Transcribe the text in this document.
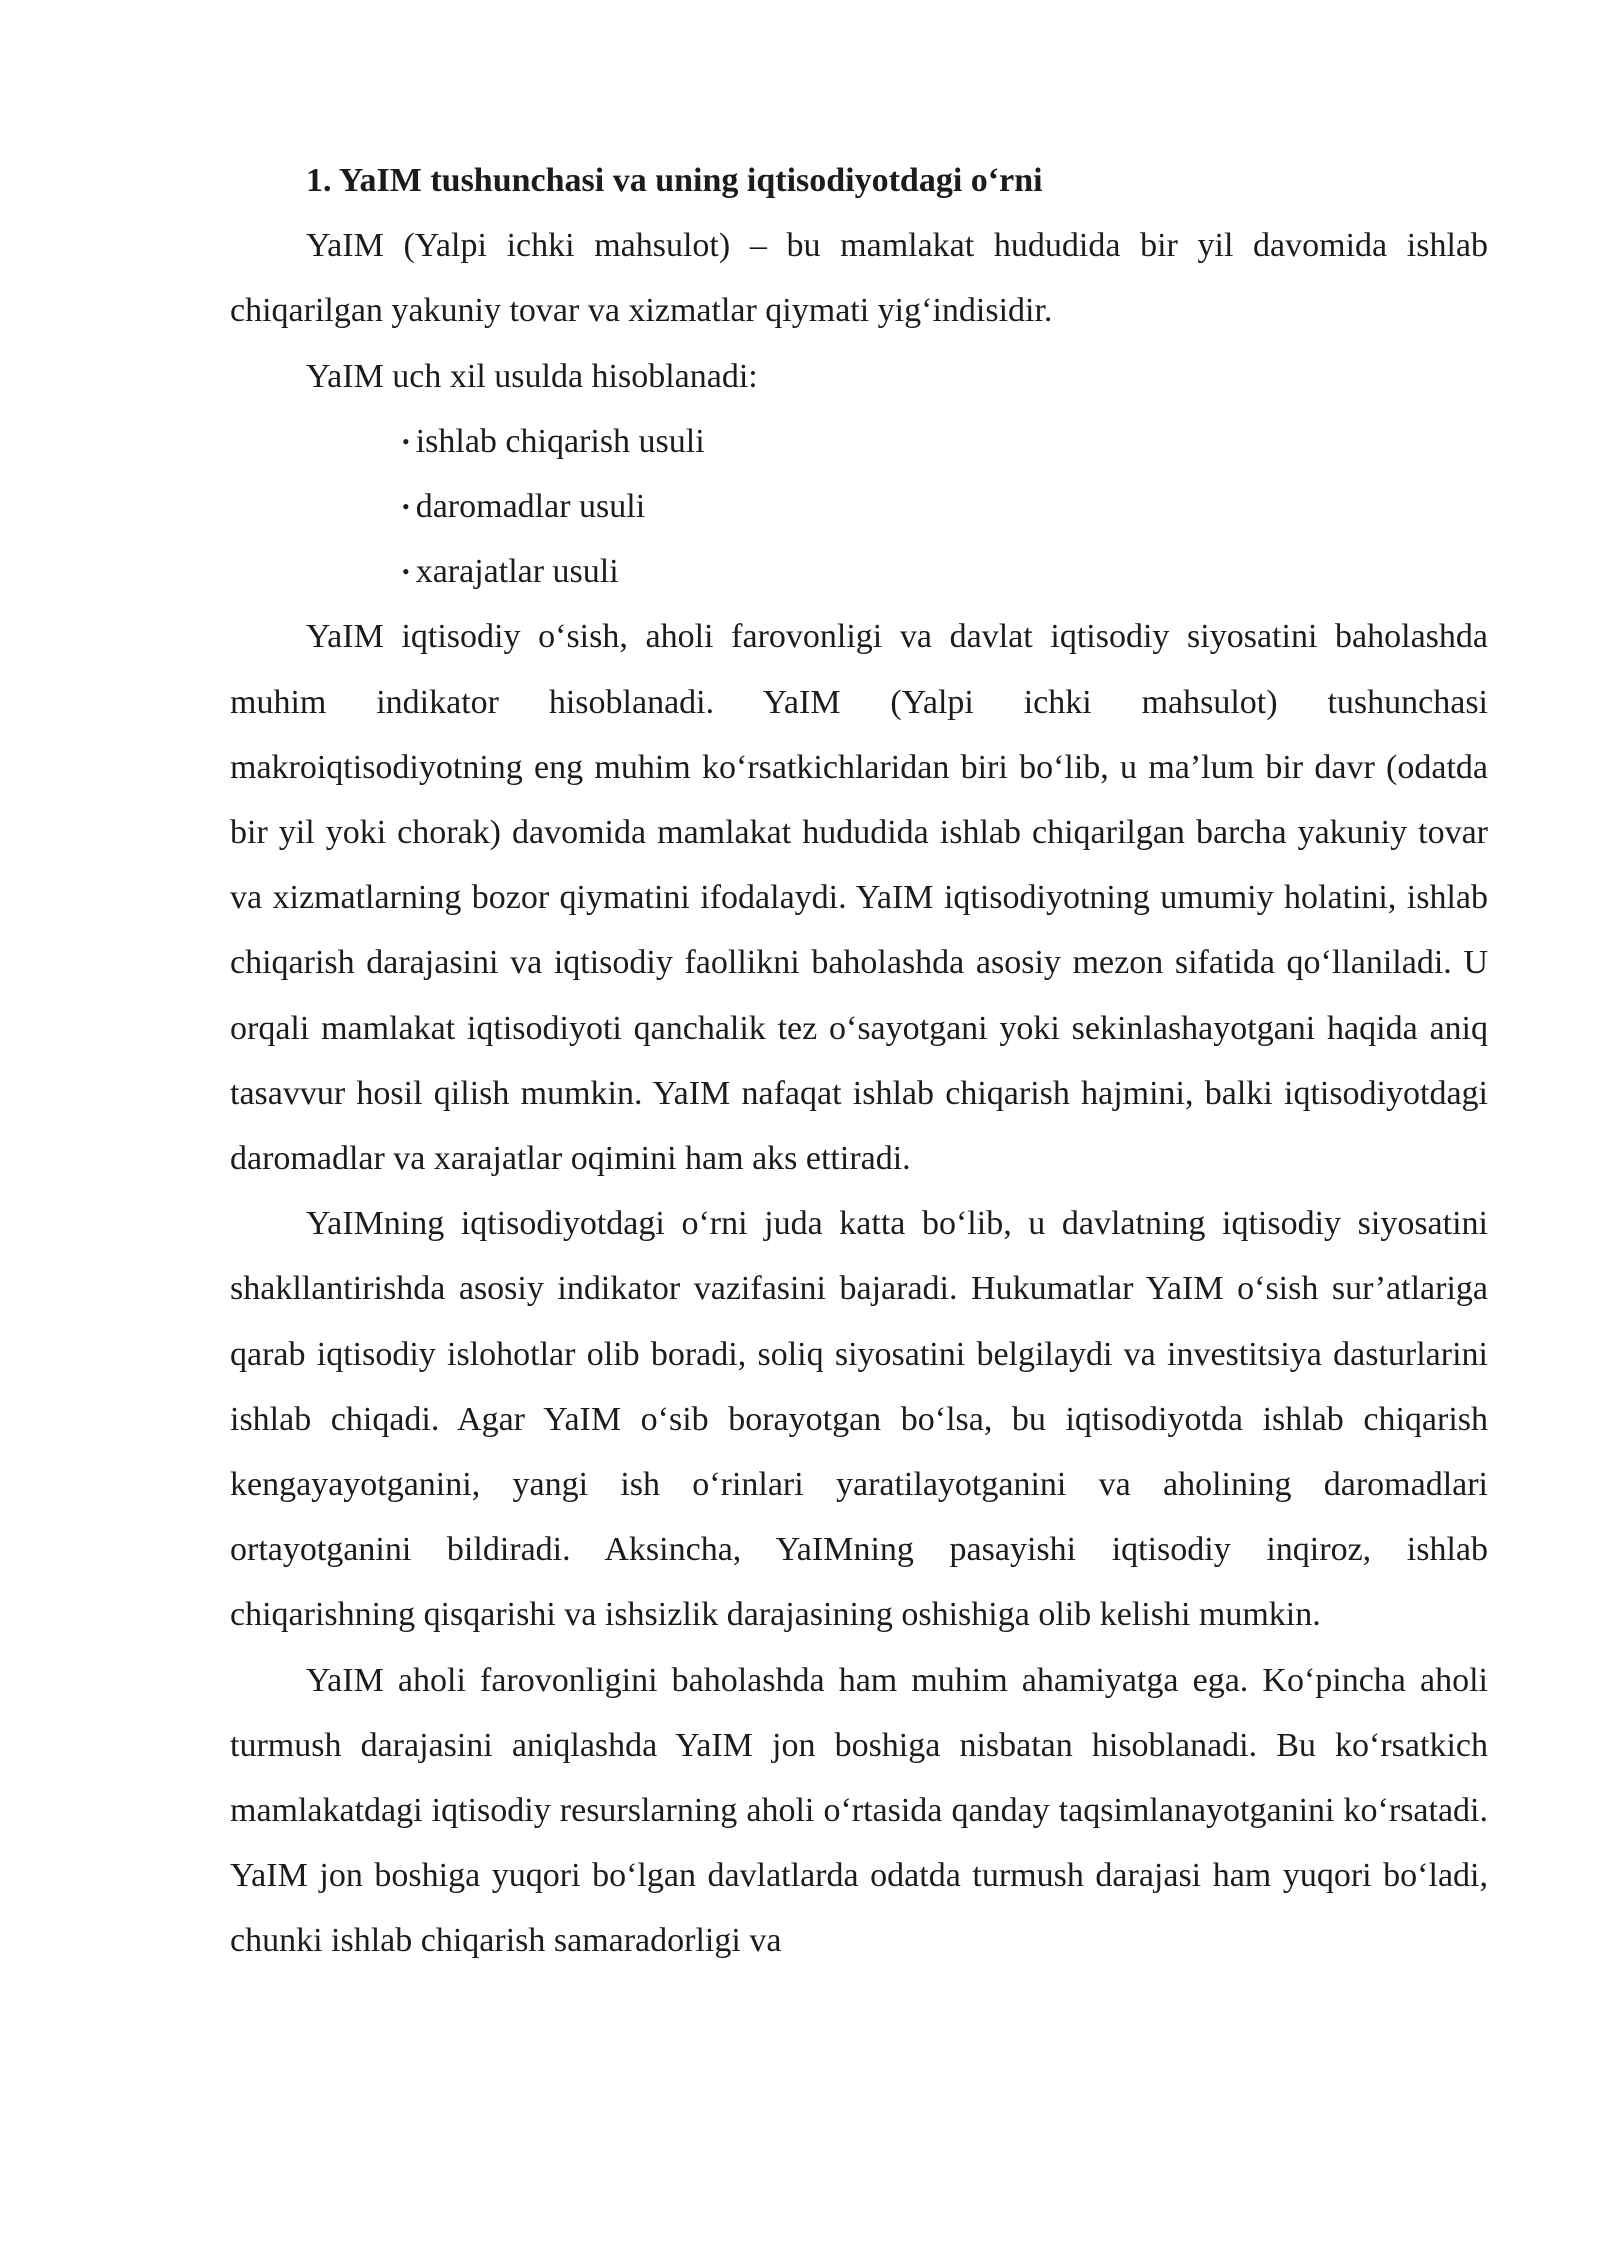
1. YaIM tushunchasi va uning iqtisodiyotdagi o‘rni

YaIM (Yalpi ichki mahsulot) – bu mamlakat hududida bir yil davomida ishlab chiqarilgan yakuniy tovar va xizmatlar qiymati yig‘indisidir.

YaIM uch xil usulda hisoblanadi:

• ishlab chiqarish usuli
• daromadlar usuli
• xarajatlar usuli

YaIM iqtisodiy o‘sish, aholi farovonligi va davlat iqtisodiy siyosatini baholashda muhim indikator hisoblanadi. YaIM (Yalpi ichki mahsulot) tushunchasi makroiqtisodiyotning eng muhim ko‘rsatkichlaridan biri bo‘lib, u ma’lum bir davr (odatda bir yil yoki chorak) davomida mamlakat hududida ishlab chiqarilgan barcha yakuniy tovar va xizmatlarning bozor qiymatini ifodalaydi. YaIM iqtisodiyotning umumiy holatini, ishlab chiqarish darajasini va iqtisodiy faollikni baholashda asosiy mezon sifatida qo‘llaniladi. U orqali mamlakat iqtisodiyoti qanchalik tez o‘sayotgani yoki sekinlashayotgani haqida aniq tasavvur hosil qilish mumkin. YaIM nafaqat ishlab chiqarish hajmini, balki iqtisodiyotdagi daromadlar va xarajatlar oqimini ham aks ettiradi.

YaIMning iqtisodiyotdagi o‘rni juda katta bo‘lib, u davlatning iqtisodiy siyosatini shakllantirishda asosiy indikator vazifasini bajaradi. Hukumatlar YaIM o‘sish sur’atlariga qarab iqtisodiy islohotlar olib boradi, soliq siyosatini belgilaydi va investitsiya dasturlarini ishlab chiqadi. Agar YaIM o‘sib borayotgan bo‘lsa, bu iqtisodiyotda ishlab chiqarish kengayayotganini, yangi ish o‘rinlari yaratilayotganini va aholining daromadlari ortayotganini bildiradi. Aksincha, YaIMning pasayishi iqtisodiy inqiroz, ishlab chiqarishning qisqarishi va ishsizlik darajasining oshishiga olib kelishi mumkin.

YaIM aholi farovonligini baholashda ham muhim ahamiyatga ega. Ko‘pincha aholi turmush darajasini aniqlashda YaIM jon boshiga nisbatan hisoblanadi. Bu ko‘rsatkich mamlakatdagi iqtisodiy resurslarning aholi o‘rtasida qanday taqsimlanayotganini ko‘rsatadi. YaIM jon boshiga yuqori bo‘lgan davlatlarda odatda turmush darajasi ham yuqori bo‘ladi, chunki ishlab chiqarish samaradorligi va
